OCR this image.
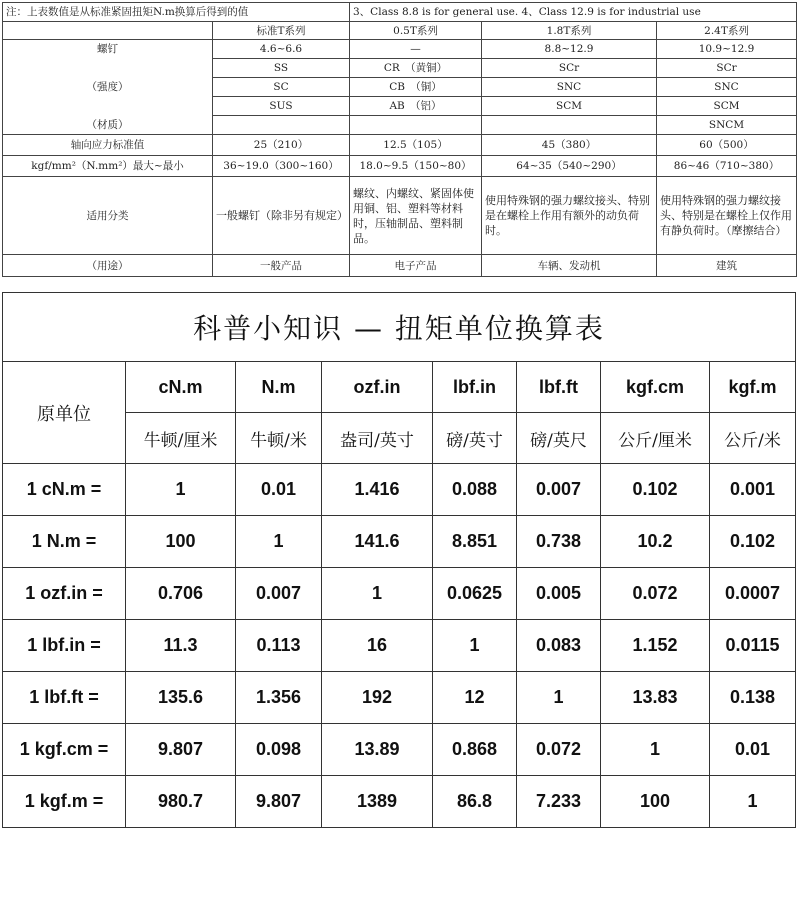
注：上表数值是从标准紧固扭矩N.m换算后得到的值		3、Class 8.8 is for general use. 4、Class 12.9 is for industrial use		
	标准T系列	0.5T系列	1.8T系列	2.4T系列
螺钉	4.6~6.6	—	8.8~12.9	10.9~12.9
	SS	CR　（黄铜）	SCr	SCr
（强度）	SC	CB　（铜）	SNC	SNC
	SUS	AB　（铝）	SCM	SCM
（材质）				SNCM
轴向应力标准值	25（210）	12.5（105）	45（380）	60（500）
kgf/mm²（N.mm²）最大~最小	36~19.0（300~160）	18.0~9.5（150~80）	64~35（540~290）	86~46（710~380）
适用分类	一般螺钉（除非另有规定）	螺纹、内螺纹、紧固体使用铜、铝、塑料等材料时，压轴制品、塑料制品。	使用特殊钢的强力螺纹接头、特别是在螺栓上作用有额外的动负荷时。	使用特殊钢的强力螺纹接头、特别是在螺栓上仅作用有静负荷时。（摩擦结合）
（用途）	一般产品	电子产品	车辆、发动机	建筑
科普小知识 — 扭矩单位换算表							
原单位	cN.m	N.m	ozf.in	lbf.in	lbf.ft	kgf.cm	kgf.m
	牛顿/厘米	牛顿/米	盎司/英寸	磅/英寸	磅/英尺	公斤/厘米	公斤/米
1 cN.m =	1	0.01	1.416	0.088	0.007	0.102	0.001
1 N.m =	100	1	141.6	8.851	0.738	10.2	0.102
1 ozf.in =	0.706	0.007	1	0.0625	0.005	0.072	0.0007
1 lbf.in =	11.3	0.113	16	1	0.083	1.152	0.0115
1 lbf.ft =	135.6	1.356	192	12	1	13.83	0.138
1 kgf.cm =	9.807	0.098	13.89	0.868	0.072	1	0.01
1 kgf.m =	980.7	9.807	1389	86.8	7.233	100	1
